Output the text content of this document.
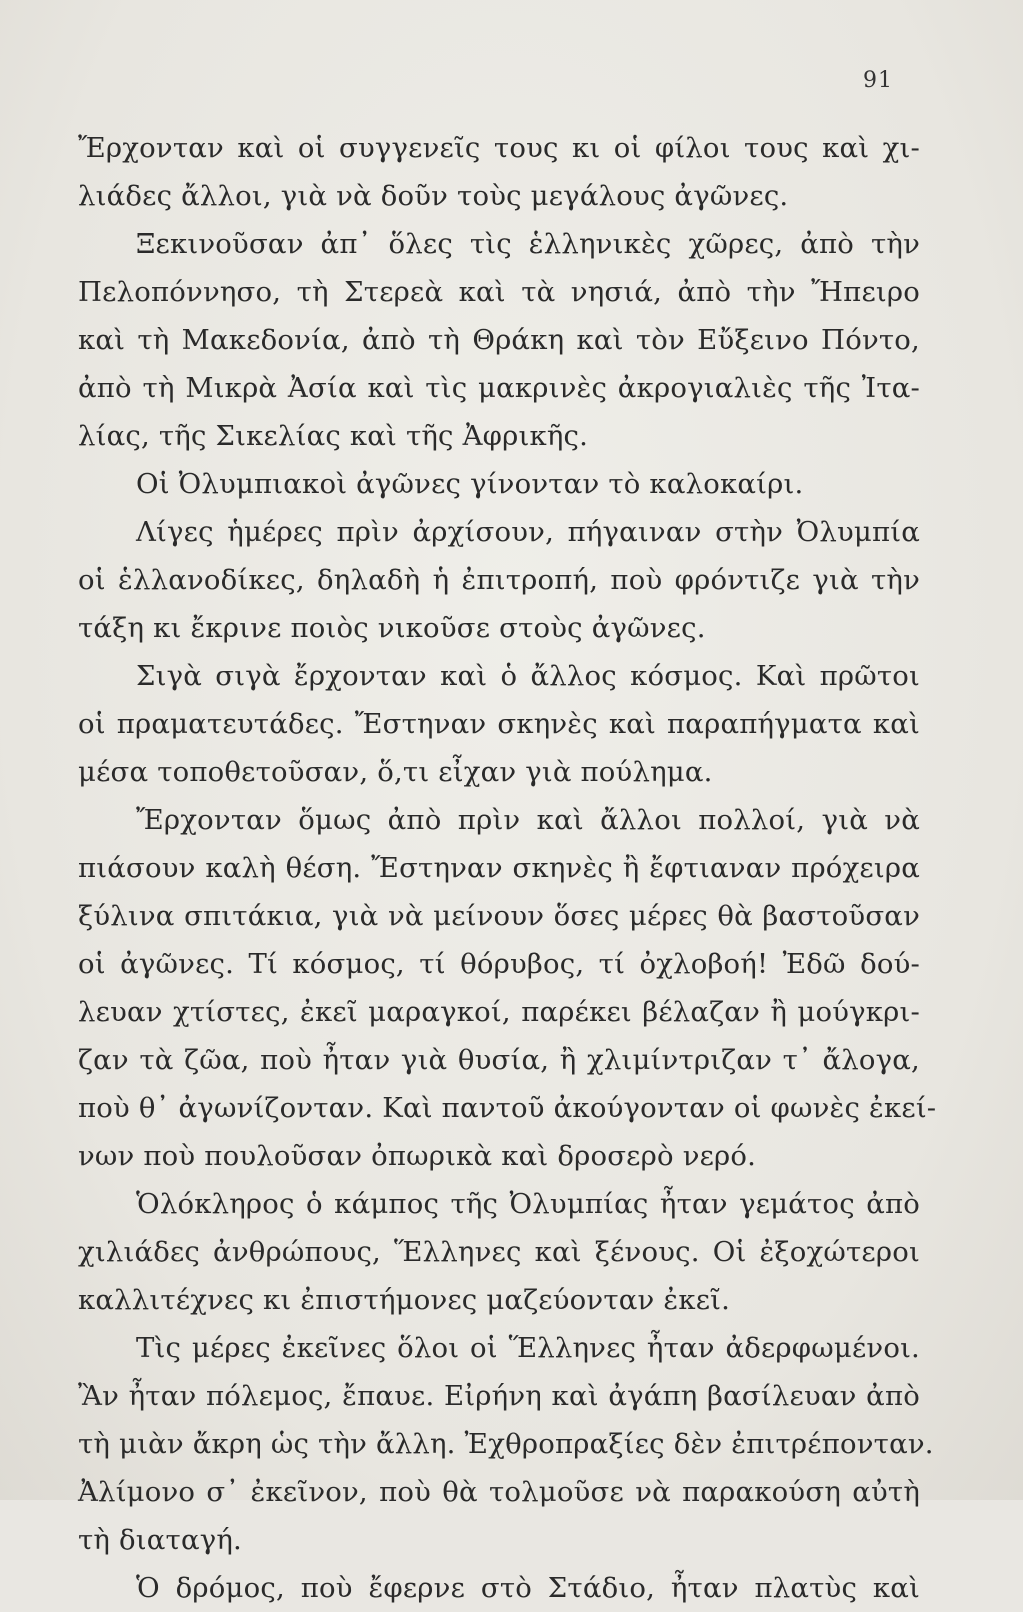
91
Ἔρχονταν καὶ οἱ συγγενεῖς τους κι οἱ φίλοι τους καὶ χι-
λιάδες ἄλλοι, γιὰ νὰ δοῦν τοὺς μεγάλους ἀγῶνες.
Ξεκινοῦσαν ἀπ᾿ ὅλες τὶς ἑλληνικὲς χῶρες, ἀπὸ τὴν
Πελοπόννησο, τὴ Στερεὰ καὶ τὰ νησιά, ἀπὸ τὴν Ἤπειρο
καὶ τὴ Μακεδονία, ἀπὸ τὴ Θράκη καὶ τὸν Εὔξεινο Πόντο,
ἀπὸ τὴ Μικρὰ Ἀσία καὶ τὶς μακρινὲς ἀκρογιαλιὲς τῆς Ἰτα-
λίας, τῆς Σικελίας καὶ τῆς Ἀφρικῆς.
Οἱ Ὀλυμπιακοὶ ἀγῶνες γίνονταν τὸ καλοκαίρι.
Λίγες ἡμέρες πρὶν ἀρχίσουν, πήγαιναν στὴν Ὀλυμπία
οἱ ἑλλανοδίκες, δηλαδὴ ἡ ἐπιτροπή, ποὺ φρόντιζε γιὰ τὴν
τάξη κι ἔκρινε ποιὸς νικοῦσε στοὺς ἀγῶνες.
Σιγὰ σιγὰ ἔρχονταν καὶ ὁ ἄλλος κόσμος. Καὶ πρῶτοι
οἱ πραματευτάδες. Ἔστηναν σκηνὲς καὶ παραπήγματα καὶ
μέσα τοποθετοῦσαν, ὅ,τι εἶχαν γιὰ πούλημα.
Ἔρχονταν ὅμως ἀπὸ πρὶν καὶ ἄλλοι πολλοί, γιὰ νὰ
πιάσουν καλὴ θέση. Ἔστηναν σκηνὲς ἢ ἔφτιαναν πρόχειρα
ξύλινα σπιτάκια, γιὰ νὰ μείνουν ὅσες μέρες θὰ βαστοῦσαν
οἱ ἀγῶνες. Τί κόσμος, τί θόρυβος, τί ὀχλοβοή! Ἐδῶ δού-
λευαν χτίστες, ἐκεῖ μαραγκοί, παρέκει βέλαζαν ἢ μούγκρι-
ζαν τὰ ζῶα, ποὺ ἦταν γιὰ θυσία, ἢ χλιμίντριζαν τ᾿ ἄλογα,
ποὺ θ᾿ ἀγωνίζονταν. Καὶ παντοῦ ἀκούγονταν οἱ φωνὲς ἐκεί-
νων ποὺ πουλοῦσαν ὀπωρικὰ καὶ δροσερὸ νερό.
Ὁλόκληρος ὁ κάμπος τῆς Ὀλυμπίας ἦταν γεμάτος ἀπὸ
χιλιάδες ἀνθρώπους, Ἕλληνες καὶ ξένους. Οἱ ἐξοχώτεροι
καλλιτέχνες κι ἐπιστήμονες μαζεύονταν ἐκεῖ.
Τὶς μέρες ἐκεῖνες ὅλοι οἱ Ἕλληνες ἦταν ἀδερφωμένοι.
Ἂν ἦταν πόλεμος, ἔπαυε. Εἰρήνη καὶ ἀγάπη βασίλευαν ἀπὸ
τὴ μιὰν ἄκρη ὡς τὴν ἄλλη. Ἐχθροπραξίες δὲν ἐπιτρέπονταν.
Ἀλίμονο σ᾿ ἐκεῖνον, ποὺ θὰ τολμοῦσε νὰ παρακούση αὐτὴ
τὴ διαταγή.
Ὁ δρόμος, ποὺ ἔφερνε στὸ Στάδιο, ἦταν πλατὺς καὶ
